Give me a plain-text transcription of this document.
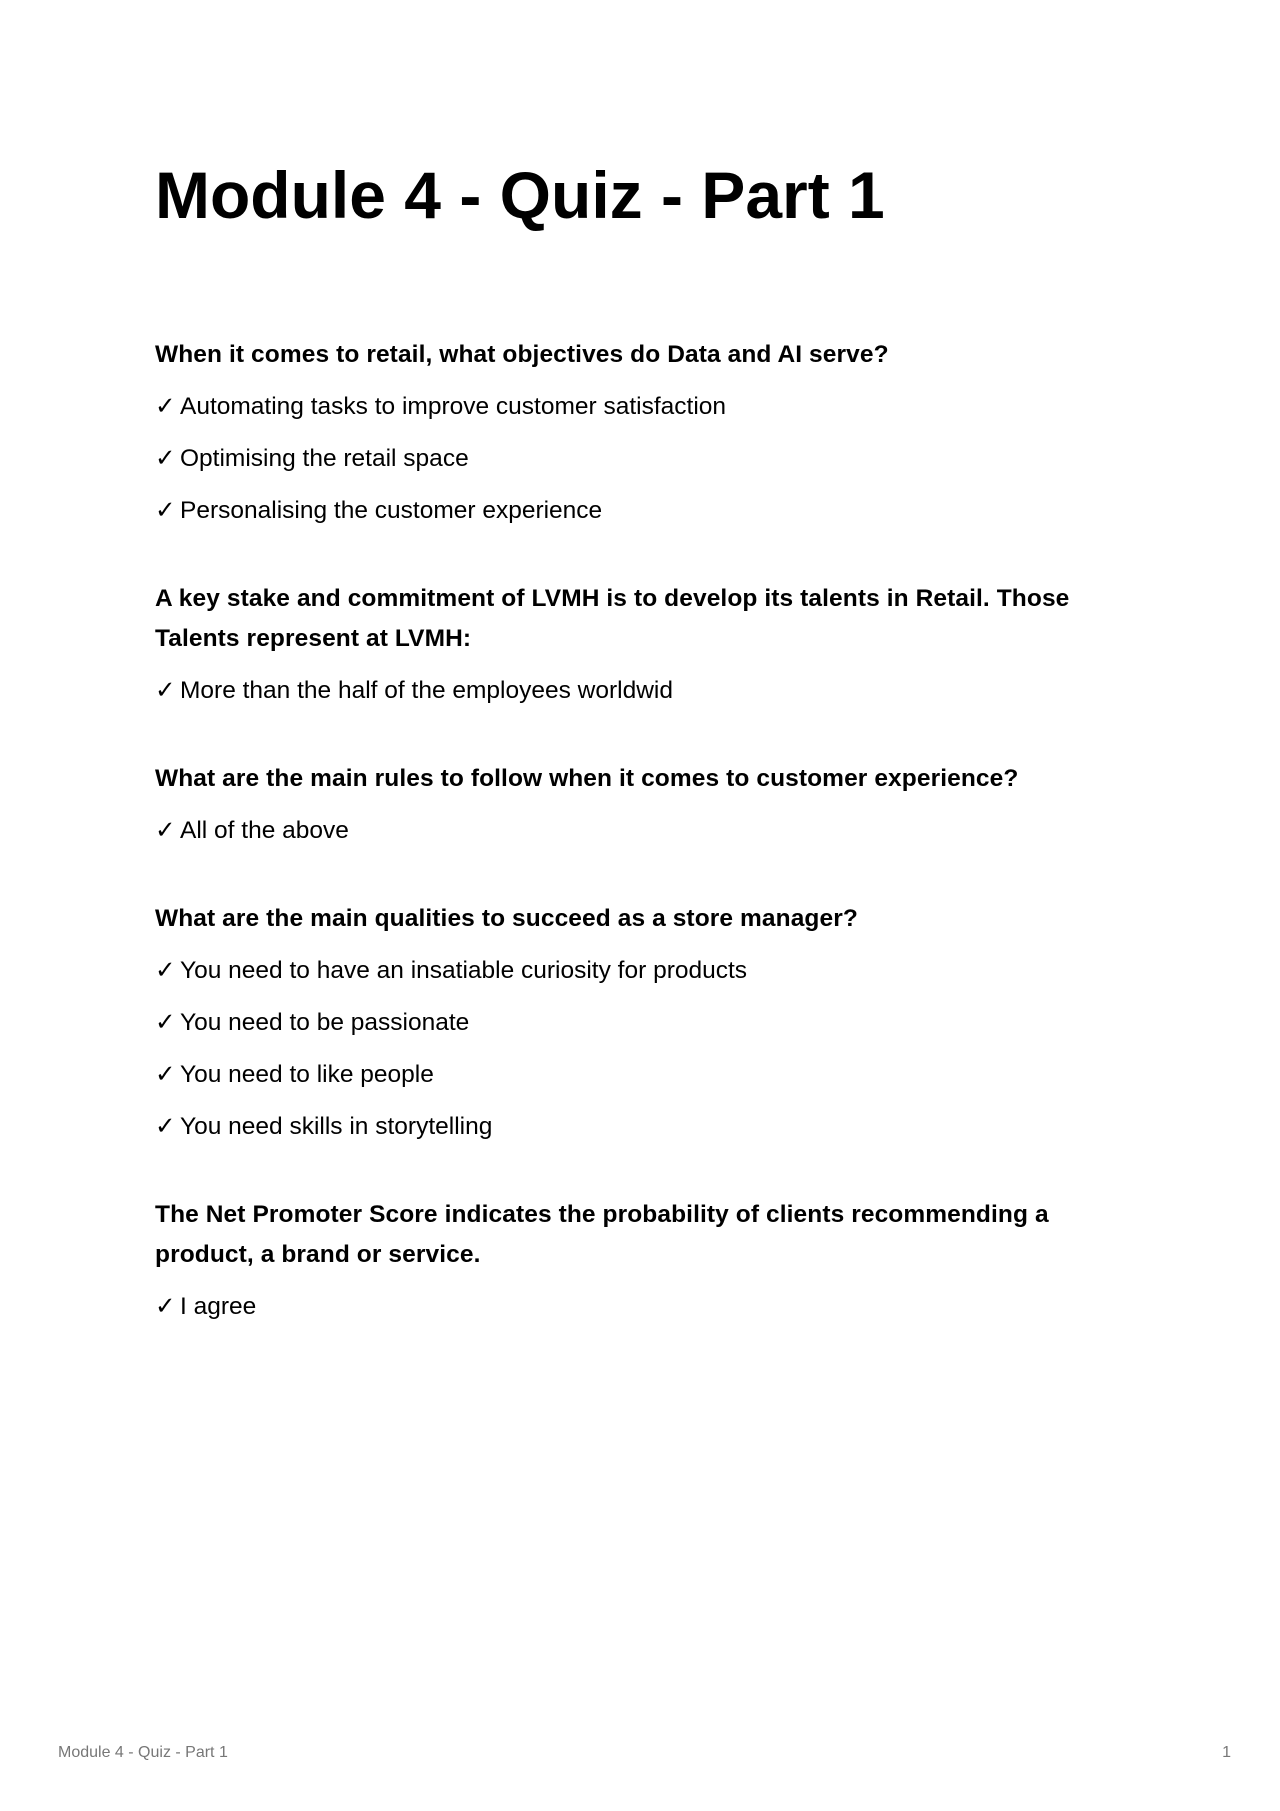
Module 4 - Quiz - Part 1

When it comes to retail, what objectives do Data and AI serve?

✓ Automating tasks to improve customer satisfaction
✓ Optimising the retail space
✓ Personalising the customer experience

A key stake and commitment of LVMH is to develop its talents in Retail. Those Talents represent at LVMH:

✓ More than the half of the employees worldwid

What are the main rules to follow when it comes to customer experience?

✓ All of the above

What are the main qualities to succeed as a store manager?

✓ You need to have an insatiable curiosity for products
✓ You need to be passionate
✓ You need to like people
✓ You need skills in storytelling

The Net Promoter Score indicates the probability of clients recommending a product, a brand or service.

✓ I agree
Module 4 - Quiz - Part 1	1
